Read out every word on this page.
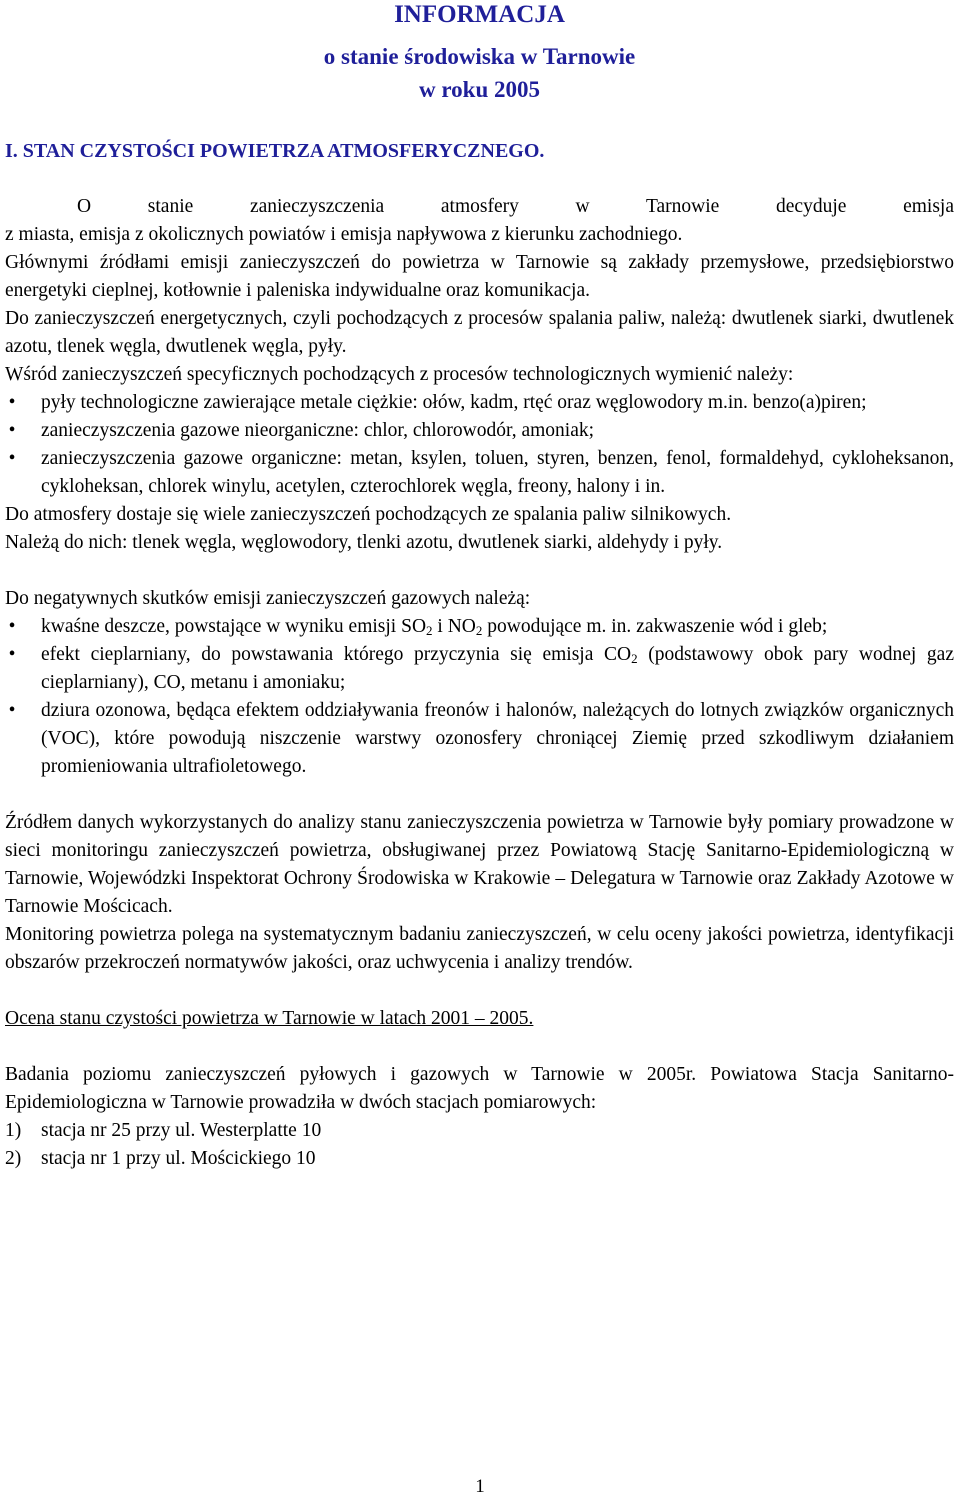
INFORMACJA
o stanie środowiska w Tarnowie
w roku 2005
I. STAN CZYSTOŚCI POWIETRZA ATMOSFERYCZNEGO.

O stanie zanieczyszczenia atmosfery w Tarnowie decyduje emisja

z miasta, emisja z okolicznych powiatów i emisja napływowa z kierunku zachodniego.

Głównymi źródłami emisji zanieczyszczeń do powietrza w Tarnowie są zakłady przemysłowe, przedsiębiorstwo energetyki cieplnej, kotłownie i paleniska indywidualne oraz komunikacja.

Do zanieczyszczeń energetycznych, czyli pochodzących z procesów spalania paliw, należą: dwutlenek siarki, dwutlenek azotu, tlenek węgla, dwutlenek węgla, pyły.

Wśród zanieczyszczeń specyficznych pochodzących z procesów technologicznych wymienić należy:

• pyły technologiczne zawierające metale ciężkie: ołów, kadm, rtęć oraz węglowodory m.in. benzo(a)piren;
• zanieczyszczenia gazowe nieorganiczne: chlor, chlorowodór, amoniak;
• zanieczyszczenia gazowe organiczne: metan, ksylen, toluen, styren, benzen, fenol, formaldehyd, cykloheksanon, cykloheksan, chlorek winylu, acetylen, czterochlorek węgla, freony, halony i in.

Do atmosfery dostaje się wiele zanieczyszczeń pochodzących ze spalania paliw silnikowych.

Należą do nich: tlenek węgla, węglowodory, tlenki azotu, dwutlenek siarki, aldehydy i pyły.

Do negatywnych skutków emisji zanieczyszczeń gazowych należą:

• kwaśne deszcze, powstające w wyniku emisji $SO_2$ i $NO_2$ powodujące m. in. zakwaszenie wód i gleb;
• efekt cieplarniany, do powstawania którego przyczynia się emisja $CO_2$ (podstawowy obok pary wodnej gaz cieplarniany), CO, metanu i amoniaku;
• dziura ozonowa, będąca efektem oddziaływania freonów i halonów, należących do lotnych związków organicznych (VOC), które powodują niszczenie warstwy ozonosfery chroniącej Ziemię przed szkodliwym działaniem promieniowania ultrafioletowego.

Źródłem danych wykorzystanych do analizy stanu zanieczyszczenia powietrza w Tarnowie były pomiary prowadzone w sieci monitoringu zanieczyszczeń powietrza, obsługiwanej przez Powiatową Stację Sanitarno-Epidemiologiczną w Tarnowie, Wojewódzki Inspektorat Ochrony Środowiska w Krakowie – Delegatura w Tarnowie oraz Zakłady Azotowe w Tarnowie Mościcach.

Monitoring powietrza polega na systematycznym badaniu zanieczyszczeń, w celu oceny jakości powietrza, identyfikacji obszarów przekroczeń normatywów jakości, oraz uchwycenia i analizy trendów.

Ocena stanu czystości powietrza w Tarnowie w latach 2001 – 2005.

Badania poziomu zanieczyszczeń pyłowych i gazowych w Tarnowie w 2005r. Powiatowa Stacja Sanitarno-Epidemiologiczna w Tarnowie prowadziła w dwóch stacjach pomiarowych:

1) stacja nr 25 przy ul. Westerplatte 10
2) stacja nr 1 przy ul. Mościckiego 10
1
